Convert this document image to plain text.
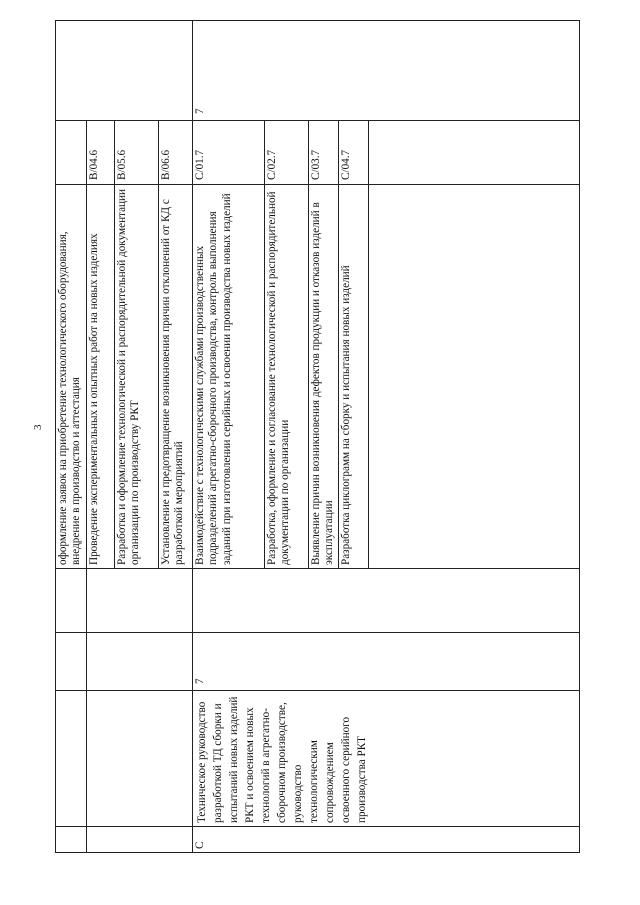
3
				оформление заявок на приобретение технологического оборудования, внедрение в производство и аттестация		
				Проведение экспериментальных и опытных работ на новых изделиях	B/04.6	
				Разработка и оформление технологической и распорядительной документации организации по производству РКТ	B/05.6	
				Установление и предотвращение возникновения причин отклонений от КД с разработкой мероприятий	B/06.6	
C	Техническое руководство разработкой ТД сборки и испытаний новых изделий РКТ и освоением новых технологий в агрегатно-сборочном производстве, руководство технологическим сопровождением освоенного серийного производства РКТ	7		Взаимодействие с технологическими службами производственных подразделений агрегатно-сборочного производства, контроль выполнения заданий при изготовлении серийных и освоении производства новых изделий	C/01.7	7
				Разработка, оформление и согласование технологической и распорядительной документации по организации	C/02.7	
				Выявление причин возникновения дефектов продукции и отказов изделий в эксплуатации	C/03.7	
				Разработка циклограмм на сборку и испытания новых изделий	C/04.7	
